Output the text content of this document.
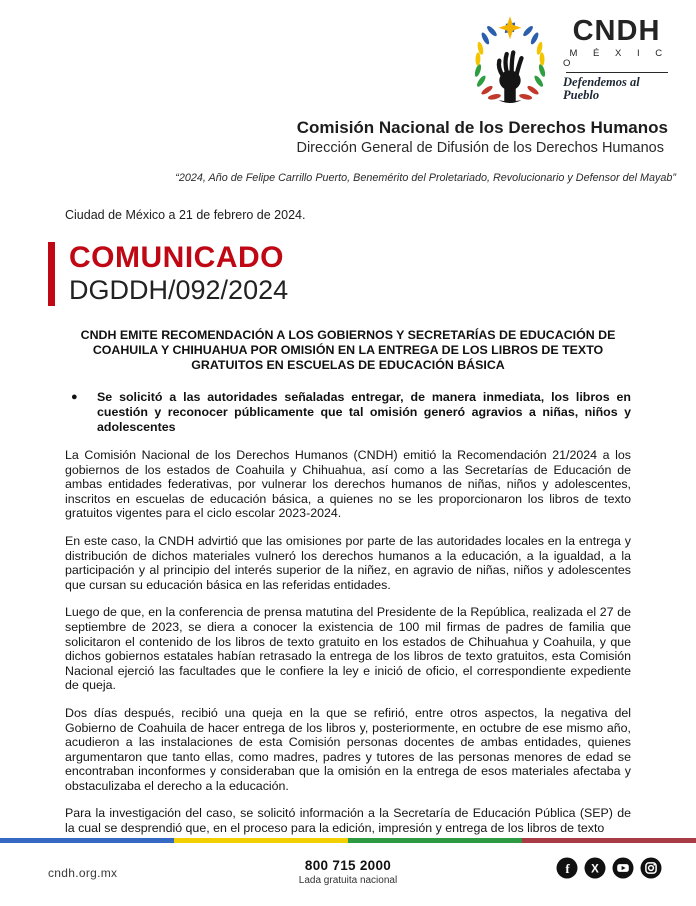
CNDH
M É X I C O
Defendemos al Pueblo
Comisión Nacional de los Derechos Humanos
Dirección General de Difusión de los Derechos Humanos
“2024, Año de Felipe Carrillo Puerto, Benemérito del Proletariado, Revolucionario y Defensor del Mayab”
Ciudad de México a 21 de febrero de 2024.
COMUNICADO
DGDDH/092/2024
CNDH EMITE RECOMENDACIÓN A LOS GOBIERNOS Y SECRETARÍAS DE EDUCACIÓN DE COAHUILA Y CHIHUAHUA POR OMISIÓN EN LA ENTREGA DE LOS LIBROS DE TEXTO GRATUITOS EN ESCUELAS DE EDUCACIÓN BÁSICA
●	Se solicitó a las autoridades señaladas entregar, de manera inmediata, los libros en cuestión y reconocer públicamente que tal omisión generó agravios a niñas, niños y adolescentes

La Comisión Nacional de los Derechos Humanos (CNDH) emitió la Recomendación 21/2024 a los gobiernos de los estados de Coahuila y Chihuahua, así como a las Secretarías de Educación de ambas entidades federativas, por vulnerar los derechos humanos de niñas, niños y adolescentes, inscritos en escuelas de educación básica, a quienes no se les proporcionaron los libros de texto gratuitos vigentes para el ciclo escolar 2023-2024.

En este caso, la CNDH advirtió que las omisiones por parte de las autoridades locales en la entrega y distribución de dichos materiales vulneró los derechos humanos a la educación, a la igualdad, a la participación y al principio del interés superior de la niñez, en agravio de niñas, niños y adolescentes que cursan su educación básica en las referidas entidades.

Luego de que, en la conferencia de prensa matutina del Presidente de la República, realizada el 27 de septiembre de 2023, se diera a conocer la existencia de 100 mil firmas de padres de familia que solicitaron el contenido de los libros de texto gratuito en los estados de Chihuahua y Coahuila, y que dichos gobiernos estatales habían retrasado la entrega de los libros de texto gratuitos, esta Comisión Nacional ejerció las facultades que le confiere la ley e inició de oficio, el correspondiente expediente de queja.

Dos días después, recibió una queja en la que se refirió, entre otros aspectos, la negativa del Gobierno de Coahuila de hacer entrega de los libros y, posteriormente, en octubre de ese mismo año, acudieron a las instalaciones de esta Comisión personas docentes de ambas entidades, quienes argumentaron que tanto ellas, como madres, padres y tutores de las personas menores de edad se encontraban inconformes y consideraban que la omisión en la entrega de esos materiales afectaba y obstaculizaba el derecho a la educación.

Para la investigación del caso, se solicitó información a la Secretaría de Educación Pública (SEP) de la cual se desprendió que, en el proceso para la edición, impresión y entrega de los libros de texto

cndh.org.mx	800 715 2000
Lada gratuita nacional
f X
